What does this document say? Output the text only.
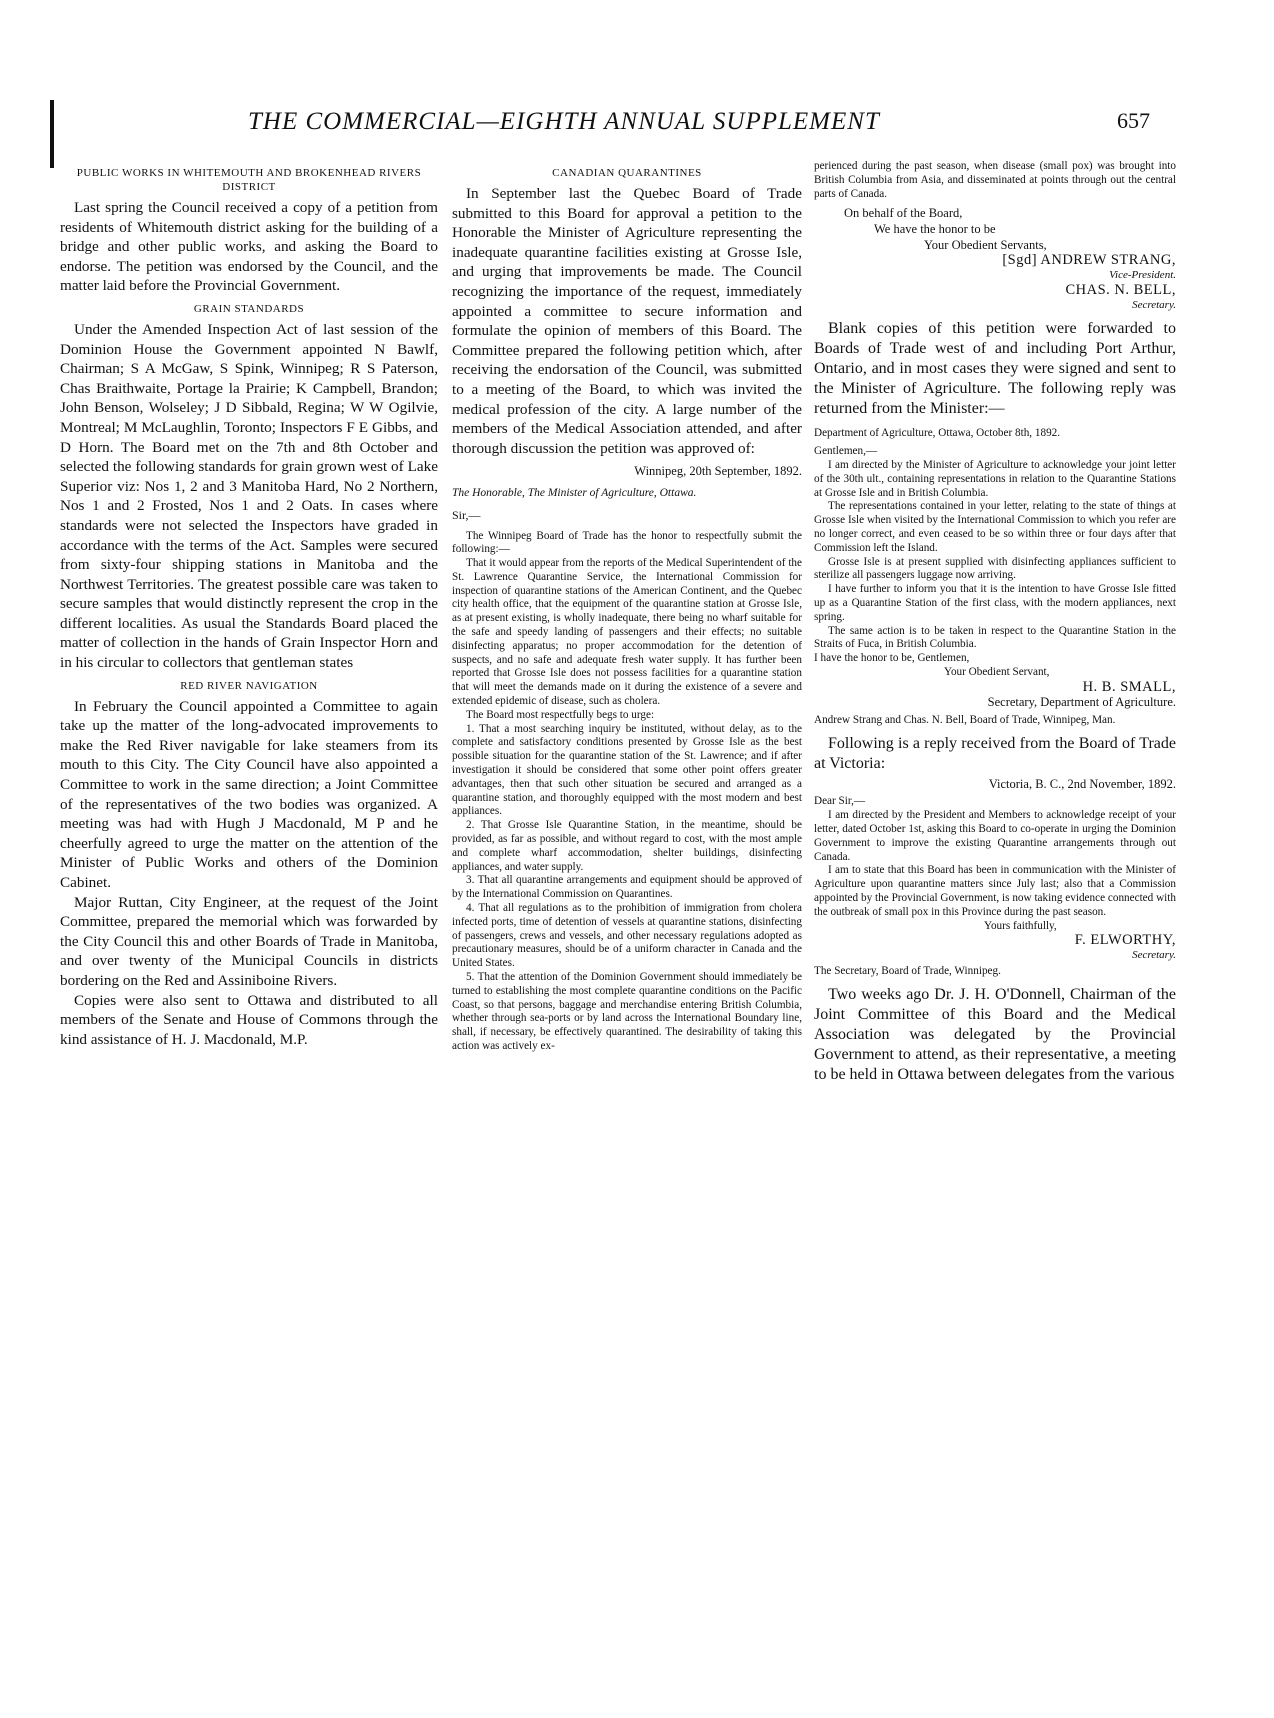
THE COMMERCIAL—EIGHTH ANNUAL SUPPLEMENT	657
PUBLIC WORKS IN WHITEMOUTH AND BROKENHEAD RIVERS DISTRICT

Last spring the Council received a copy of a petition from residents of Whitemouth district asking for the building of a bridge and other public works, and asking the Board to endorse. The petition was endorsed by the Council, and the matter laid before the Provincial Government.

GRAIN STANDARDS

Under the Amended Inspection Act of last session of the Dominion House the Government appointed N Bawlf, Chairman; S A McGaw, S Spink, Winnipeg; R S Paterson, Chas Braithwaite, Portage la Prairie; K Campbell, Brandon; John Benson, Wolseley; J D Sibbald, Regina; W W Ogilvie, Montreal; M McLaughlin, Toronto; Inspectors F E Gibbs, and D Horn. The Board met on the 7th and 8th October and selected the following standards for grain grown west of Lake Superior viz: Nos 1, 2 and 3 Manitoba Hard, No 2 Northern, Nos 1 and 2 Frosted, Nos 1 and 2 Oats. In cases where standards were not selected the Inspectors have graded in accordance with the terms of the Act. Samples were secured from sixty-four shipping stations in Manitoba and the Northwest Territories. The greatest possible care was taken to secure samples that would distinctly represent the crop in the different localities. As usual the Standards Board placed the matter of collection in the hands of Grain Inspector Horn and in his circular to collectors that gentleman states

RED RIVER NAVIGATION

In February the Council appointed a Committee to again take up the matter of the long-advocated improvements to make the Red River navigable for lake steamers from its mouth to this City. The City Council have also appointed a Committee to work in the same direction; a Joint Committee of the representatives of the two bodies was organized. A meeting was had with Hugh J Macdonald, M P and he cheerfully agreed to urge the matter on the attention of the Minister of Public Works and others of the Dominion Cabinet.

Major Ruttan, City Engineer, at the request of the Joint Committee, prepared the memorial which was forwarded by the City Council this and other Boards of Trade in Manitoba, and over twenty of the Municipal Councils in districts bordering on the Red and Assiniboine Rivers.

Copies were also sent to Ottawa and distributed to all members of the Senate and House of Commons through the kind assistance of H. J. Macdonald, M.P.

CANADIAN QUARANTINES

In September last the Quebec Board of Trade submitted to this Board for approval a petition to the Honorable the Minister of Agriculture representing the inadequate quarantine facilities existing at Grosse Isle, and urging that improvements be made. The Council recognizing the importance of the request, immediately appointed a committee to secure information and formulate the opinion of members of this Board. The Committee prepared the following petition which, after receiving the endorsation of the Council, was submitted to a meeting of the Board, to which was invited the medical profession of the city. A large number of the members of the Medical Association attended, and after thorough discussion the petition was approved of:

Winnipeg, 20th September, 1892.
The Honorable, The Minister of Agriculture, Ottawa.
Sir,—

The Winnipeg Board of Trade has the honor to respectfully submit the following:—

That it would appear from the reports of the Medical Superintendent of the St. Lawrence Quarantine Service, the International Commission for inspection of quarantine stations of the American Continent, and the Quebec city health office, that the equipment of the quarantine station at Grosse Isle, as at present existing, is wholly inadequate, there being no wharf suitable for the safe and speedy landing of passengers and their effects; no suitable disinfecting apparatus; no proper accommodation for the detention of suspects, and no safe and adequate fresh water supply. It has further been reported that Grosse Isle does not possess facilities for a quarantine station that will meet the demands made on it during the existence of a severe and extended epidemic of disease, such as cholera.

The Board most respectfully begs to urge:

1. That a most searching inquiry be instituted, without delay, as to the complete and satisfactory conditions presented by Grosse Isle as the best possible situation for the quarantine station of the St. Lawrence; and if after investigation it should be considered that some other point offers greater advantages, then that such other situation be secured and arranged as a quarantine station, and thoroughly equipped with the most modern and best appliances.

2. That Grosse Isle Quarantine Station, in the meantime, should be provided, as far as possible, and without regard to cost, with the most ample and complete wharf accommodation, shelter buildings, disinfecting appliances, and water supply.

3. That all quarantine arrangements and equipment should be approved of by the International Commission on Quarantines.

4. That all regulations as to the prohibition of immigration from cholera infected ports, time of detention of vessels at quarantine stations, disinfecting of passengers, crews and vessels, and other necessary regulations adopted as precautionary measures, should be of a uniform character in Canada and the United States.

5. That the attention of the Dominion Government should immediately be turned to establishing the most complete quarantine conditions on the Pacific Coast, so that persons, baggage and merchandise entering British Columbia, whether through sea-ports or by land across the International Boundary line, shall, if necessary, be effectively quarantined. The desirability of taking this action was actively ex-

perienced during the past season, when disease (small pox) was brought into British Columbia from Asia, and disseminated at points through out the central parts of Canada.

On behalf of the Board,
We have the honor to be
Your Obedient Servants,
[Sgd] ANDREW STRANG,
Vice-President.
CHAS. N. BELL,
Secretary.

Blank copies of this petition were forwarded to Boards of Trade west of and including Port Arthur, Ontario, and in most cases they were signed and sent to the Minister of Agriculture. The following reply was returned from the Minister:—

Department of Agriculture, Ottawa, October 8th, 1892.

Gentlemen,—

I am directed by the Minister of Agriculture to acknowledge your joint letter of the 30th ult., containing representations in relation to the Quarantine Stations at Grosse Isle and in British Columbia.

The representations contained in your letter, relating to the state of things at Grosse Isle when visited by the International Commission to which you refer are no longer correct, and even ceased to be so within three or four days after that Commission left the Island.

Grosse Isle is at present supplied with disinfecting appliances sufficient to sterilize all passengers luggage now arriving.

I have further to inform you that it is the intention to have Grosse Isle fitted up as a Quarantine Station of the first class, with the modern appliances, next spring.

The same action is to be taken in respect to the Quarantine Station in the Straits of Fuca, in British Columbia.

I have the honor to be, Gentlemen,

Your Obedient Servant,
H. B. SMALL,
Secretary, Department of Agriculture.

Andrew Strang and Chas. N. Bell, Board of Trade, Winnipeg, Man.

Following is a reply received from the Board of Trade at Victoria:

Victoria, B. C., 2nd November, 1892.

Dear Sir,—

I am directed by the President and Members to acknowledge receipt of your letter, dated October 1st, asking this Board to co-operate in urging the Dominion Government to improve the existing Quarantine arrangements through out Canada.

I am to state that this Board has been in communication with the Minister of Agriculture upon quarantine matters since July last; also that a Commission appointed by the Provincial Government, is now taking evidence connected with the outbreak of small pox in this Province during the past season.

Yours faithfully,
F. ELWORTHY,
Secretary.

The Secretary, Board of Trade, Winnipeg.

Two weeks ago Dr. J. H. O'Donnell, Chairman of the Joint Committee of this Board and the Medical Association was delegated by the Provincial Government to attend, as their representative, a meeting to be held in Ottawa between delegates from the various
